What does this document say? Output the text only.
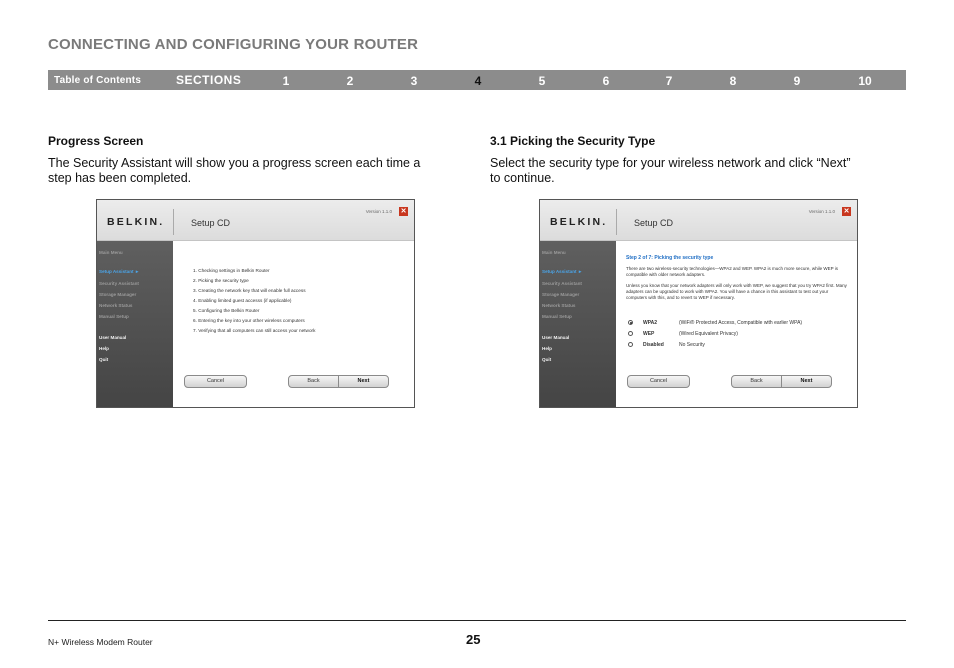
CONNECTING AND CONFIGURING YOUR ROUTER
Table of Contents	SECTIONS	1	2	3	4	5	6	7	8	9	10
Progress Screen
The Security Assistant will show you a progress screen each time a
step has been completed.
3.1 Picking the Security Type
Select the security type for your wireless network and click “Next”
to continue.
BELKIN.	Setup CD
Version 1.1.0 ✕
Main Menu
Setup Assistant ►
Security Assistant
Storage Manager
Network Status
Manual Setup
User Manual
Help
Quit
1. Checking settings in Belkin Router
2. Picking the security type
3. Creating the network key that will enable full access
4. Enabling limited guest accesss (if applicable)
5. Configuring the Belkin Router
6. Entering the key into your other wireless computers
7. Verifying that all computers can still access your network
Cancel	Back	Next
BELKIN.	Setup CD
Version 1.1.0 ✕
Main Menu
Setup Assistant ►
Security Assistant
Storage Manager
Network Status
Manual Setup
User Manual
Help
Quit
Step 2 of 7: Picking the security type
There are two wireless-security technologies—WPA2 and WEP. WPA2 is much more secure, while WEP is compatible with older network adapters.
Unless you know that your network adapters will only work with WEP, we suggest that you try WPA2 first. Many adapters can be upgraded to work with WPA2. You will have a chance in this assistant to test out your computers with this, and to revert to WEP if necessary.
WPA2	(WiFi® Protected Access, Compatible with earlier WPA)
WEP	(Wired Equivalent Privacy)
Disabled	No Security
Cancel	Back	Next
N+ Wireless Modem Router	25
